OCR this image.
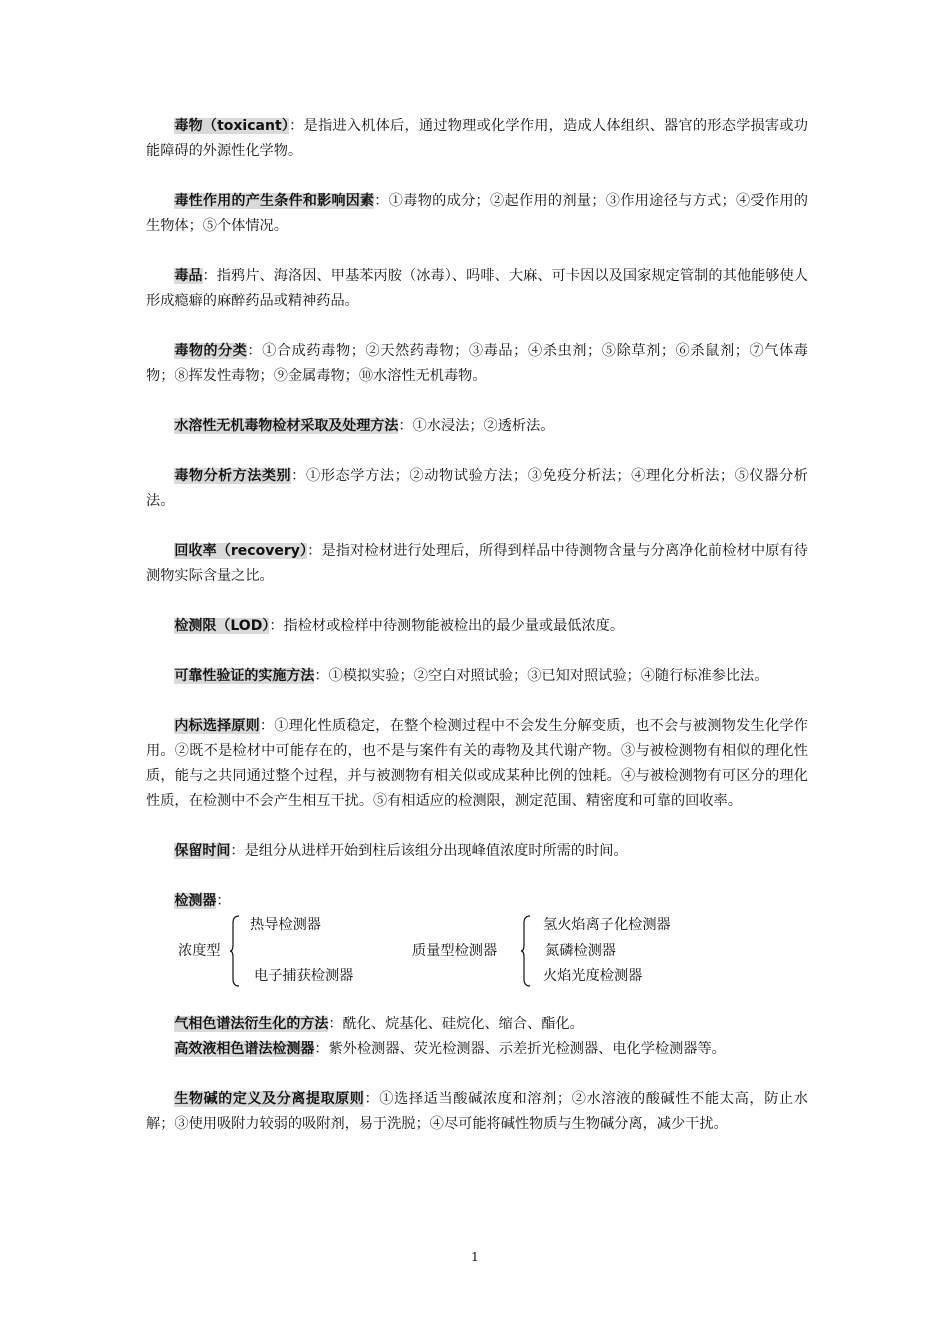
毒物（toxicant）：是指进入机体后，通过物理或化学作用，造成人体组织、器官的形态学损害或功能障碍的外源性化学物。

毒性作用的产生条件和影响因素：①毒物的成分；②起作用的剂量；③作用途径与方式；④受作用的生物体；⑤个体情况。

毒品：指鸦片、海洛因、甲基苯丙胺（冰毒）、吗啡、大麻、可卡因以及国家规定管制的其他能够使人形成瘾癖的麻醉药品或精神药品。

毒物的分类：①合成药毒物；②天然药毒物；③毒品；④杀虫剂；⑤除草剂；⑥杀鼠剂；⑦气体毒物；⑧挥发性毒物；⑨金属毒物；⑩水溶性无机毒物。

水溶性无机毒物检材采取及处理方法：①水浸法；②透析法。

毒物分析方法类别：①形态学方法；②动物试验方法；③免疫分析法；④理化分析法；⑤仪器分析法。

回收率（recovery）：是指对检材进行处理后，所得到样品中待测物含量与分离净化前检材中原有待测物实际含量之比。

检测限（LOD）：指检材或检样中待测物能被检出的最少量或最低浓度。

可靠性验证的实施方法：①模拟实验；②空白对照试验；③已知对照试验；④随行标准参比法。

内标选择原则：①理化性质稳定，在整个检测过程中不会发生分解变质，也不会与被测物发生化学作用。②既不是检材中可能存在的，也不是与案件有关的毒物及其代谢产物。③与被检测物有相似的理化性质，能与之共同通过整个过程，并与被测物有相关似或成某种比例的蚀耗。④与被检测物有可区分的理化性质，在检测中不会产生相互干扰。⑤有相适应的检测限，测定范围、精密度和可靠的回收率。

保留时间：是组分从进样开始到柱后该组分出现峰值浓度时所需的时间。

检测器：

浓度型
热导检测器
电子捕获检测器
质量型检测器
氢火焰离子化检测器
氮磷检测器
火焰光度检测器

气相色谱法衍生化的方法：酰化、烷基化、硅烷化、缩合、酯化。

高效液相色谱法检测器：紫外检测器、荧光检测器、示差折光检测器、电化学检测器等。

生物碱的定义及分离提取原则：①选择适当酸碱浓度和溶剂；②水溶液的酸碱性不能太高，防止水解；③使用吸附力较弱的吸附剂，易于洗脱；④尽可能将碱性物质与生物碱分离，减少干扰。

1
